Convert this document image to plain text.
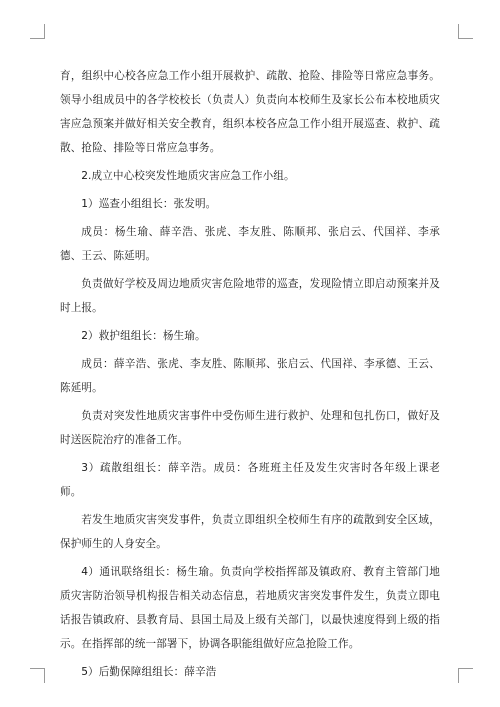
育，组织中心校各应急工作小组开展救护、疏散、抢险、排险等日常应急事务。领导小组成员中的各学校校长（负责人）负责向本校师生及家长公布本校地质灾害应急预案并做好相关安全教育，组织本校各应急工作小组开展巡查、救护、疏散、抢险、排险等日常应急事务。

2.成立中心校突发性地质灾害应急工作小组。

1）巡查小组组长：张发明。

成员：杨生瑜、薛辛浩、张虎、李友胜、陈顺邦、张启云、代国祥、李承德、王云、陈延明。

负责做好学校及周边地质灾害危险地带的巡查，发现险情立即启动预案并及时上报。

2）救护组组长：杨生瑜。

成员：薛辛浩、张虎、李友胜、陈顺邦、张启云、代国祥、李承德、王云、陈延明。

负责对突发性地质灾害事件中受伤师生进行救护、处理和包扎伤口，做好及时送医院治疗的准备工作。

3）疏散组组长：薛辛浩。成员：各班班主任及发生灾害时各年级上课老师。

若发生地质灾害突发事件，负责立即组织全校师生有序的疏散到安全区域，保护师生的人身安全。

4）通讯联络组长：杨生瑜。负责向学校指挥部及镇政府、教育主管部门地质灾害防治领导机构报告相关动态信息，若地质灾害突发事件发生，负责立即电话报告镇政府、县教育局、县国土局及上级有关部门，以最快速度得到上级的指示。在指挥部的统一部署下，协调各职能组做好应急抢险工作。

5）后勤保障组组长：薛辛浩
